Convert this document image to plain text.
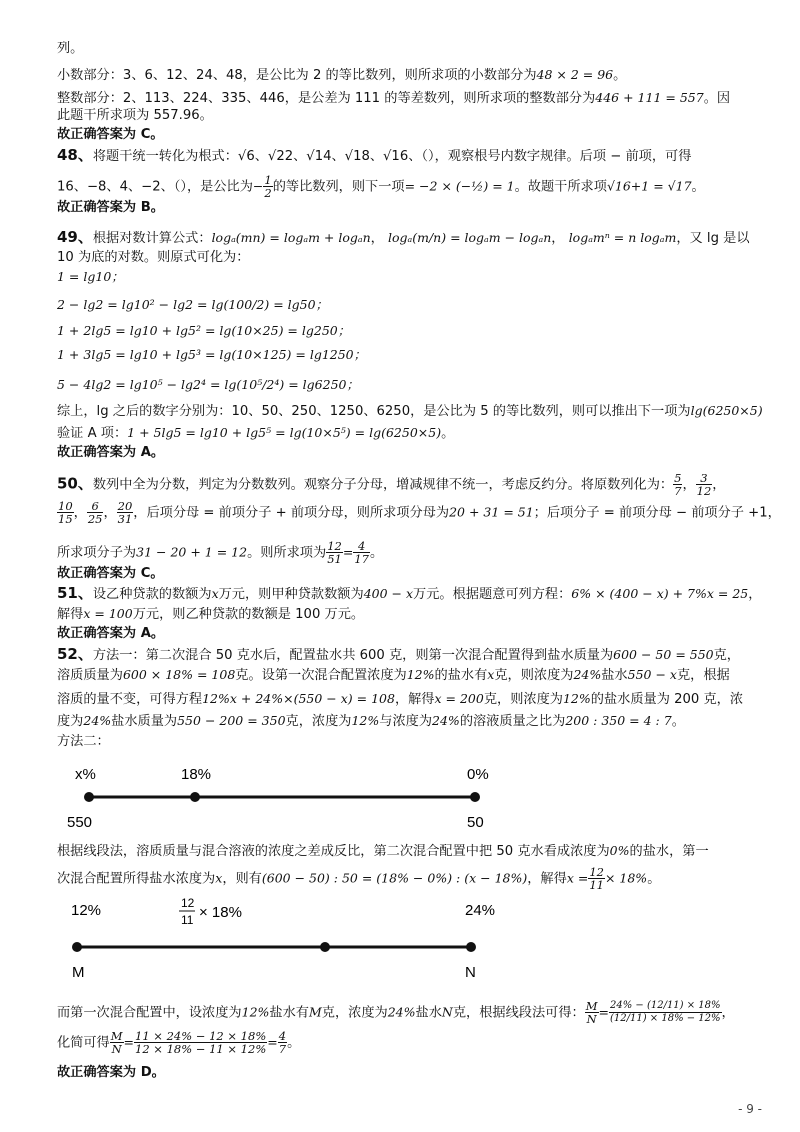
列。
小数部分：3、6、12、24、48，是公比为 2 的等比数列，则所求项的小数部分为48 × 2 = 96。
整数部分：2、113、224、335、446，是公差为 111 的等差数列，则所求项的整数部分为446 + 111 = 557。因
此题干所求项为 557.96。
故正确答案为 C。
48、将题干统一转化为根式：√6、√22、√14、√18、√16、（），观察根号内数字规律。后项 − 前项，可得
16、−8、4、−2、（），是公比为− $\frac{1}{2}$ 的等比数列，则下一项= −2 × (−½) = 1。故题干所求项√16+1 = √17。
故正确答案为 B。
49、根据对数计算公式：logₐ(mn) = logₐm + logₐn， logₐ(m/n) = logₐm − logₐn， logₐmⁿ = n logₐm，又 lg 是以
10 为底的对数。则原式可化为：
1 = lg10；
2 − lg2 = lg10² − lg2 = lg(100/2) = lg50；
1 + 2lg5 = lg10 + lg5² = lg(10×25) = lg250；
1 + 3lg5 = lg10 + lg5³ = lg(10×125) = lg1250；
5 − 4lg2 = lg10⁵ − lg2⁴ = lg(10⁵/2⁴) = lg6250；
综上，lg 之后的数字分别为：10、50、250、1250、6250，是公比为 5 的等比数列，则可以推出下一项为lg(6250×5)
验证 A 项：1 + 5lg5 = lg10 + lg5⁵ = lg(10×5⁵) = lg(6250×5)。
故正确答案为 A。
50、数列中全为分数，判定为分数数列。观察分子分母，增减规律不统一，考虑反约分。将原数列化为： $\frac{5}{7}$ ， $\frac{3}{12}$ ，
$\frac{10}{15}$ ， $\frac{6}{25}$ ， $\frac{20}{31}$ ，后项分母 = 前项分子 + 前项分母，则所求项分母为20 + 31 = 51；后项分子 = 前项分母 − 前项分子 +1，
所求项分子为31 − 20 + 1 = 12。则所求项为 $\frac{12}{51} = \frac{4}{17}$ 。
故正确答案为 C。
51、设乙种贷款的数额为x万元，则甲种贷款数额为400 − x万元。根据题意可列方程：6% × (400 − x) + 7%x = 25，
解得x = 100万元，则乙种贷款的数额是 100 万元。
故正确答案为 A。
52、方法一：第二次混合 50 克水后，配置盐水共 600 克，则第一次混合配置得到盐水质量为600 − 50 = 550克，
溶质质量为600 × 18% = 108克。设第一次混合配置浓度为12%的盐水有x克，则浓度为24%盐水550 − x克，根据
溶质的量不变，可得方程12%x + 24%×(550 − x) = 108，解得x = 200克，则浓度为12%的盐水质量为 200 克，浓
度为24%盐水质量为550 − 200 = 350克，浓度为12%与浓度为24%的溶液质量之比为200 : 350 = 4 : 7。
方法二：
x%	18%	0%
550	50
根据线段法，溶质质量与混合溶液的浓度之差成反比，第二次混合配置中把 50 克水看成浓度为0%的盐水，第一
次混合配置所得盐水浓度为x，则有(600 − 50) : 50 = (18% − 0%) : (x − 18%)，解得$x = \frac{12}{11} \times 18\%$。
12%	12
11 × 18%	24%
M	N
而第一次混合配置中，设浓度为12%盐水有M克，浓度为24%盐水N克，根据线段法可得： $\frac{M}{N} = \frac{24\% - (12/11) \times 18\%}{(12/11) \times 18\% - 12\%}$ ，
化简可得 $\frac{M}{N} = \frac{11 \times 24\% - 12 \times 18\%}{12 \times 18\% - 11 \times 12\%} = \frac{4}{7}$ 。
故正确答案为 D。
- 9 -
